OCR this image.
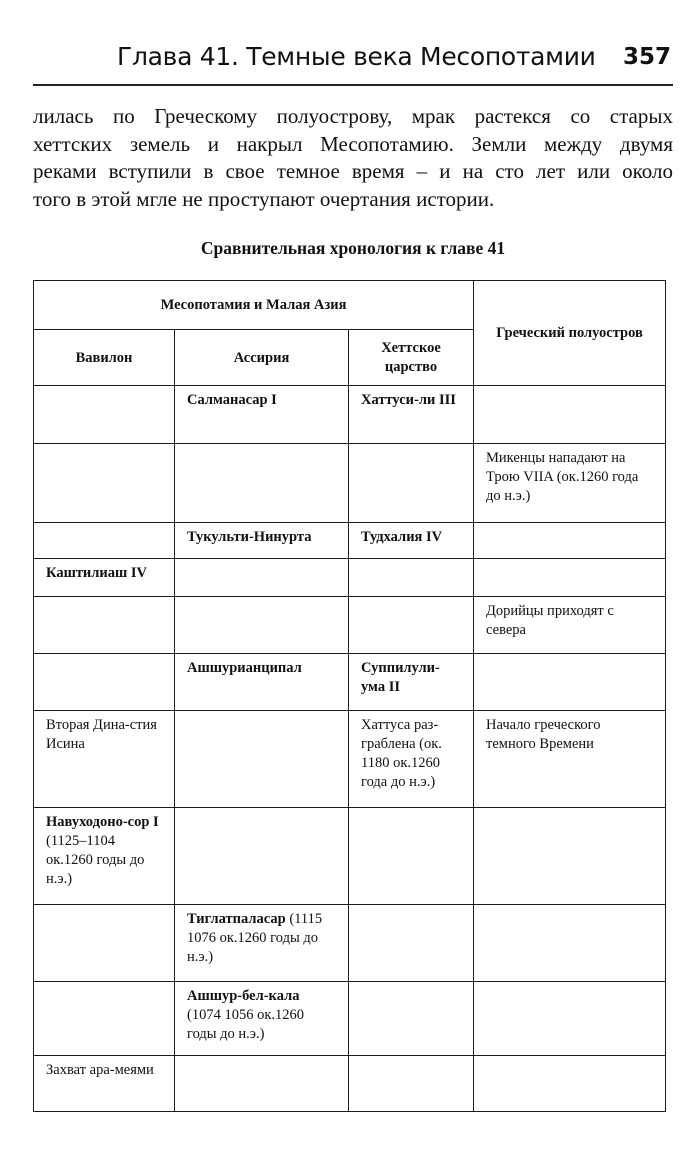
Глава 41. Темные века Месопотамии 357
лилась по Греческому полуострову, мрак растекся со старых
хеттских земель и накрыл Месопотамию. Земли между двумя
реками вступили в свое темное время – и на сто лет или около
того в этой мгле не проступают очертания истории.
Сравнительная хронология к главе 41
Месопотамия и Малая Азия			Греческий полуостров
Вавилон	Ассирия	Хеттское царство	
	Салманасар I	Хаттуси-ли III	
			Микенцы нападают на Трою VIIA (ок.1260 года до н.э.)
	Тукульти-Нинурта	Тудхалия IV	
Каштилиаш IV			
			Дорийцы приходят с севера
	Ашшурианципал	Суппилули-ума II	
Вторая Дина-стия Исина		Хаттуса раз-граблена (ок. 1180 ок.1260 года до н.э.)	Начало греческого темного Времени
Навуходоно-сор I (1125–1104 ок.1260 годы до н.э.)			
	Тиглатпаласар (1115 1076 ок.1260 годы до н.э.)		
	Ашшур-бел-кала (1074 1056 ок.1260 годы до н.э.)		
Захват ара-меями			
